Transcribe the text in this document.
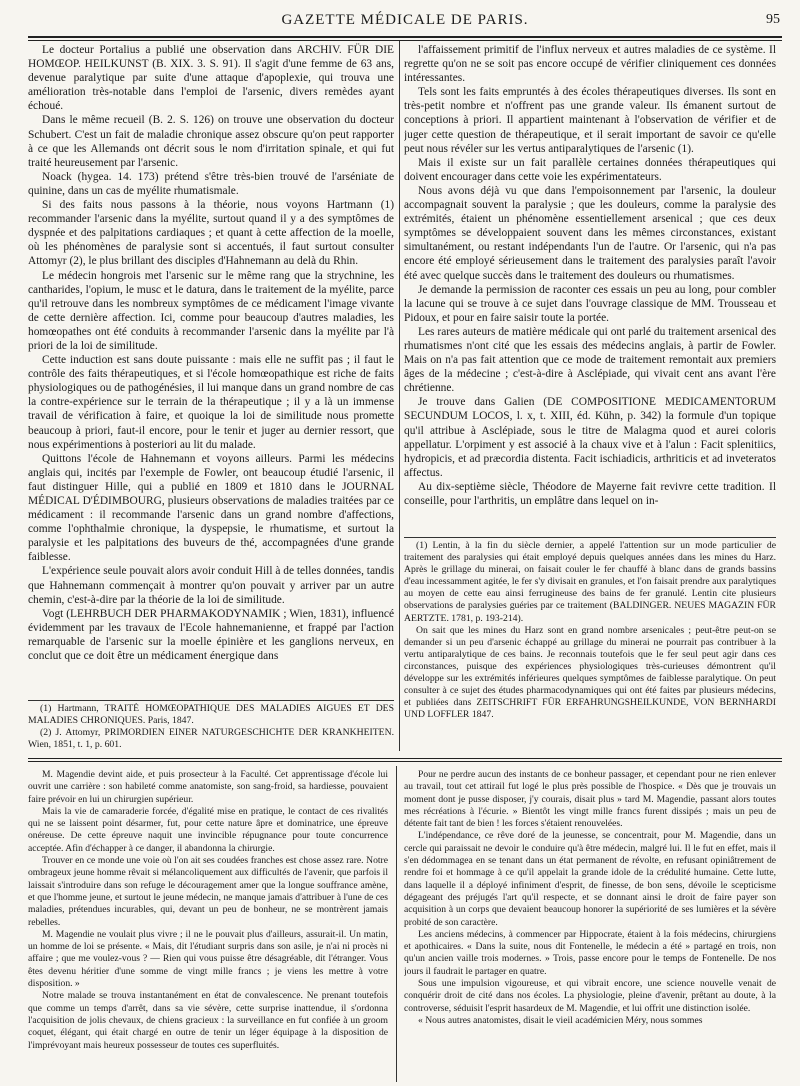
GAZETTE MÉDICALE DE PARIS.	95

Le docteur Portalius a publié une observation dans ARCHIV. FÜR DIE HOMŒOP. HEILKUNST (B. XIX. 3. S. 91). Il s'agit d'une femme de 63 ans, devenue paralytique par suite d'une attaque d'apoplexie, qui trouva une amélioration très-notable dans l'emploi de l'arsenic, divers remèdes ayant échoué.

Dans le même recueil (B. 2. S. 126) on trouve une observation du docteur Schubert. C'est un fait de maladie chronique assez obscure qu'on peut rapporter à ce que les Allemands ont décrit sous le nom d'irritation spinale, et qui fut traité heureusement par l'arsenic.

Noack (hygea. 14. 173) prétend s'être très-bien trouvé de l'arséniate de quinine, dans un cas de myélite rhumatismale.

Si des faits nous passons à la théorie, nous voyons Hartmann (1) recommander l'arsenic dans la myélite, surtout quand il y a des symptômes de dyspnée et des palpitations cardiaques ; et quant à cette affection de la moelle, où les phénomènes de paralysie sont si accentués, il faut surtout consulter Attomyr (2), le plus brillant des disciples d'Hahnemann au delà du Rhin.

Le médecin hongrois met l'arsenic sur le même rang que la strychnine, les cantharides, l'opium, le musc et le datura, dans le traitement de la myélite, parce qu'il retrouve dans les nombreux symptômes de ce médicament l'image vivante de cette dernière affection. Ici, comme pour beaucoup d'autres maladies, les homœopathes ont été conduits à recommander l'arsenic dans la myélite par l'à priori de la loi de similitude.

Cette induction est sans doute puissante : mais elle ne suffit pas ; il faut le contrôle des faits thérapeutiques, et si l'école homœopathique est riche de faits physiologiques ou de pathogénésies, il lui manque dans un grand nombre de cas la contre-expérience sur le terrain de la thérapeutique ; il y a là un immense travail de vérification à faire, et quoique la loi de similitude nous promette beaucoup à priori, faut-il encore, pour le tenir et juger au dernier ressort, que nous expérimentions à posteriori au lit du malade.

Quittons l'école de Hahnemann et voyons ailleurs. Parmi les médecins anglais qui, incités par l'exemple de Fowler, ont beaucoup étudié l'arsenic, il faut distinguer Hille, qui a publié en 1809 et 1810 dans le JOURNAL MÉDICAL D'ÉDIMBOURG, plusieurs observations de maladies traitées par ce médicament : il recommande l'arsenic dans un grand nombre d'affections, comme l'ophthalmie chronique, la dyspepsie, le rhumatisme, et surtout la paralysie et les palpitations des buveurs de thé, accompagnées d'une grande faiblesse.

L'expérience seule pouvait alors avoir conduit Hill à de telles données, tandis que Hahnemann commençait à montrer qu'on pouvait y arriver par un autre chemin, c'est-à-dire par la théorie de la loi de similitude.

Vogt (LEHRBUCH DER PHARMAKODYNAMIK ; Wien, 1831), influencé évidemment par les travaux de l'Ecole hahnemanienne, et frappé par l'action remarquable de l'arsenic sur la moelle épinière et les ganglions nerveux, en conclut que ce doit être un médicament énergique dans

(1) Hartmann, TRAITÉ HOMŒOPATHIQUE DES MALADIES AIGUES ET DES MALADIES CHRONIQUES. Paris, 1847.

(2) J. Attomyr, PRIMORDIEN EINER NATURGESCHICHTE DER KRANKHEITEN. Wien, 1851, t. 1, p. 601.

l'affaissement primitif de l'influx nerveux et autres maladies de ce système. Il regrette qu'on ne se soit pas encore occupé de vérifier cliniquement ces données intéressantes.

Tels sont les faits empruntés à des écoles thérapeutiques diverses. Ils sont en très-petit nombre et n'offrent pas une grande valeur. Ils émanent surtout de conceptions à priori. Il appartient maintenant à l'observation de vérifier et de juger cette question de thérapeutique, et il serait important de savoir ce qu'elle peut nous révéler sur les vertus antiparalytiques de l'arsenic (1).

Mais il existe sur un fait parallèle certaines données thérapeutiques qui doivent encourager dans cette voie les expérimentateurs.

Nous avons déjà vu que dans l'empoisonnement par l'arsenic, la douleur accompagnait souvent la paralysie ; que les douleurs, comme la paralysie des extrémités, étaient un phénomène essentiellement arsenical ; que ces deux symptômes se développaient souvent dans les mêmes circonstances, existant simultanément, ou restant indépendants l'un de l'autre. Or l'arsenic, qui n'a pas encore été employé sérieusement dans le traitement des paralysies paraît l'avoir été avec quelque succès dans le traitement des douleurs ou rhumatismes.

Je demande la permission de raconter ces essais un peu au long, pour combler la lacune qui se trouve à ce sujet dans l'ouvrage classique de MM. Trousseau et Pidoux, et pour en faire saisir toute la portée.

Les rares auteurs de matière médicale qui ont parlé du traitement arsenical des rhumatismes n'ont cité que les essais des médecins anglais, à partir de Fowler. Mais on n'a pas fait attention que ce mode de traitement remontait aux premiers âges de la médecine ; c'est-à-dire à Asclépiade, qui vivait cent ans avant l'ère chrétienne.

Je trouve dans Galien (DE COMPOSITIONE MEDICAMENTORUM SECUNDUM LOCOS, l. x, t. XIII, éd. Kühn, p. 342) la formule d'un topique qu'il attribue à Asclépiade, sous le titre de Malagma quod et aurei coloris appellatur. L'orpiment y est associé à la chaux vive et à l'alun : Facit splenitiics, hydropicis, et ad præcordia distenta. Facit ischiadicis, arthriticis et ad inveteratos affectus.

Au dix-septième siècle, Théodore de Mayerne fait revivre cette tradition. Il conseille, pour l'arthritis, un emplâtre dans lequel on in-

(1) Lentin, à la fin du siècle dernier, a appelé l'attention sur un mode particulier de traitement des paralysies qui était employé depuis quelques années dans les mines du Harz. Après le grillage du minerai, on faisait couler le fer chauffé à blanc dans de grands bassins d'eau incessamment agitée, le fer s'y divisait en granules, et l'on faisait prendre aux paralytiques au moyen de cette eau ainsi ferrugineuse des bains de fer granulé. Lentin cite plusieurs observations de paralysies guéries par ce traitement (BALDINGER. NEUES MAGAZIN FÜR AERTZTE. 1781, p. 193-214).

On sait que les mines du Harz sont en grand nombre arsenicales ; peut-être peut-on se demander si un peu d'arsenic échappé au grillage du minerai ne pourrait pas contribuer à la vertu antiparalytique de ces bains. Je reconnais toutefois que le fer seul peut agir dans ces circonstances, puisque des expériences physiologiques très-curieuses démontrent qu'il développe sur les extrémités inférieures quelques symptômes de faiblesse paralytique. On peut consulter à ce sujet des études pharmacodynamiques qui ont été faites par plusieurs médecins, et publiées dans ZEITSCHRIFT FÜR ERFAHRUNGSHEILKUNDE, VON BERNHARDI UND LOFFLER 1847.

M. Magendie devint aide, et puis prosecteur à la Faculté. Cet apprentissage d'école lui ouvrit une carrière : son habileté comme anatomiste, son sang-froid, sa hardiesse, pouvaient faire prévoir en lui un chirurgien supérieur.

Mais la vie de camaraderie forcée, d'égalité mise en pratique, le contact de ces rivalités qui ne se laissent point désarmer, fut, pour cette nature âpre et dominatrice, une épreuve onéreuse. De cette épreuve naquit une invincible répugnance pour toute concurrence acceptée. Afin d'échapper à ce danger, il abandonna la chirurgie.

Trouver en ce monde une voie où l'on ait ses coudées franches est chose assez rare. Notre ombrageux jeune homme rêvait si mélancoliquement aux difficultés de l'avenir, que parfois il laissait s'introduire dans son refuge le découragement amer que la longue souffrance amène, et que l'homme jeune, et surtout le jeune médecin, ne manque jamais d'attribuer à l'une de ces maladies, prétendues incurables, qui, devant un peu de bonheur, ne se montrèrent jamais rebelles.

M. Magendie ne voulait plus vivre ; il ne le pouvait plus d'ailleurs, assurait-il. Un matin, un homme de loi se présente. « Mais, dit l'étudiant surpris dans son asile, je n'ai ni procès ni affaire ; que me voulez-vous ? — Rien qui vous puisse être désagréable, dit l'étranger. Vous êtes devenu héritier d'une somme de vingt mille francs ; je viens les mettre à votre disposition. »

Notre malade se trouva instantanément en état de convalescence. Ne prenant toutefois que comme un temps d'arrêt, dans sa vie sévère, cette surprise inattendue, il s'ordonna l'acquisition de jolis chevaux, de chiens gracieux : la surveillance en fut confiée à un groom coquet, élégant, qui était chargé en outre de tenir un léger équipage à la disposition de l'imprévoyant mais heureux possesseur de toutes ces superfluités.

Pour ne perdre aucun des instants de ce bonheur passager, et cependant pour ne rien enlever au travail, tout cet attirail fut logé le plus près possible de l'hospice. « Dès que je trouvais un moment dont je pusse disposer, j'y courais, disait plus » tard M. Magendie, passant alors toutes mes récréations à l'écurie. » Bientôt les vingt mille francs furent dissipés ; mais un peu de détente fait tant de bien ! les forces s'étaient renouvelées.

L'indépendance, ce rêve doré de la jeunesse, se concentrait, pour M. Magendie, dans un cercle qui paraissait ne devoir le conduire qu'à être médecin, malgré lui. Il le fut en effet, mais il s'en dédommagea en se tenant dans un état permanent de révolte, en refusant opiniâtrement de rendre foi et hommage à ce qu'il appelait la grande idole de la crédulité humaine. Cette lutte, dans laquelle il a déployé infiniment d'esprit, de finesse, de bon sens, dévoile le scepticisme dégageant des préjugés l'art qu'il respecte, et se donnant ainsi le droit de faire payer son acquisition à un corps que devaient beaucoup honorer la supériorité de ses lumières et la sévère probité de son caractère.

Les anciens médecins, à commencer par Hippocrate, étaient à la fois médecins, chirurgiens et apothicaires. « Dans la suite, nous dit Fontenelle, le médecin a été » partagé en trois, non qu'un ancien vaille trois modernes. » Trois, passe encore pour le temps de Fontenelle. De nos jours il faudrait le partager en quatre.

Sous une impulsion vigoureuse, et qui vibrait encore, une science nouvelle venait de conquérir droit de cité dans nos écoles. La physiologie, pleine d'avenir, prêtant au doute, à la controverse, séduisit l'esprit hasardeux de M. Magendie, et lui offrit une distinction isolée.

« Nous autres anatomistes, disait le vieil académicien Méry, nous sommes
